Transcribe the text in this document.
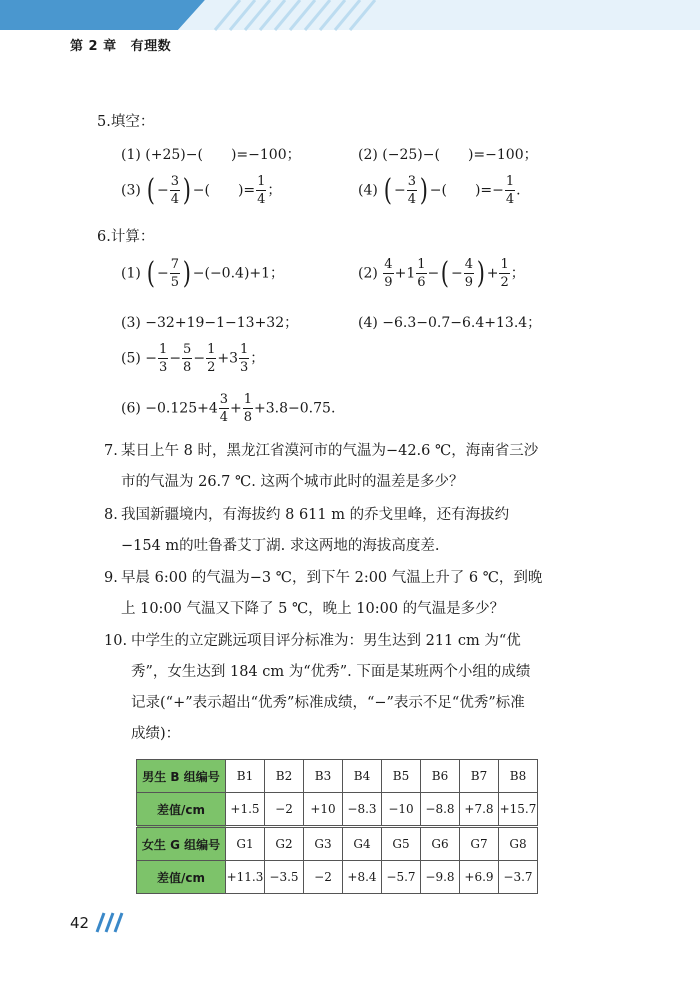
第 2 章 有理数
5.填空：
(1) (+25)−(　　)=−100；	(2) (−25)−(　　)=−100；
(3) ( − $\frac{3}{4}$ ) −(　　)= $\frac{1}{4}$ ；	(4) ( − $\frac{3}{4}$ ) −(　　)=− $\frac{1}{4}$ .
6.计算：
(1) ( − $\frac{7}{5}$ ) −(−0.4)+1；	$(2) \frac{4}{9} +1 \frac{1}{6}$ −( − $\frac{4}{9}$ ) + $\frac{1}{2}$ ；
(3) −32+19−1−13+32；	(4) −6.3−0.7−6.4+13.4；
$(5) - \frac{1}{3} - \frac{5}{8} - \frac{1}{2} +3 \frac{1}{3}$ ；
$(6) -0.125+4 \frac{3}{4} + \frac{1}{8} +3.8-0.75$.
7. 某日上午 8 时，黑龙江省漠河市的气温为−42.6 ℃，海南省三沙
市的气温为 26.7 ℃. 这两个城市此时的温差是多少？
8. 我国新疆境内，有海拔约 8 611 m 的乔戈里峰，还有海拔约
−154 m的吐鲁番艾丁湖. 求这两地的海拔高度差.
9. 早晨 6:00 的气温为−3 ℃，到下午 2:00 气温上升了 6 ℃，到晚
上 10:00 气温又下降了 5 ℃，晚上 10:00 的气温是多少？
10. 中学生的立定跳远项目评分标准为：男生达到 211 cm 为“优
秀”，女生达到 184 cm 为“优秀”. 下面是某班两个小组的成绩
记录(“+”表示超出“优秀”标准成绩，“−”表示不足“优秀”标准
成绩)：
男生 B 组编号	B1	B2	B3	B4	B5	B6	B7	B8
差值/cm	+1.5	−2	+10	−8.3	−10	−8.8	+7.8	+15.7
女生 G 组编号	G1	G2	G3	G4	G5	G6	G7	G8
差值/cm	+11.3	−3.5	−2	+8.4	−5.7	−9.8	+6.9	−3.7
42
